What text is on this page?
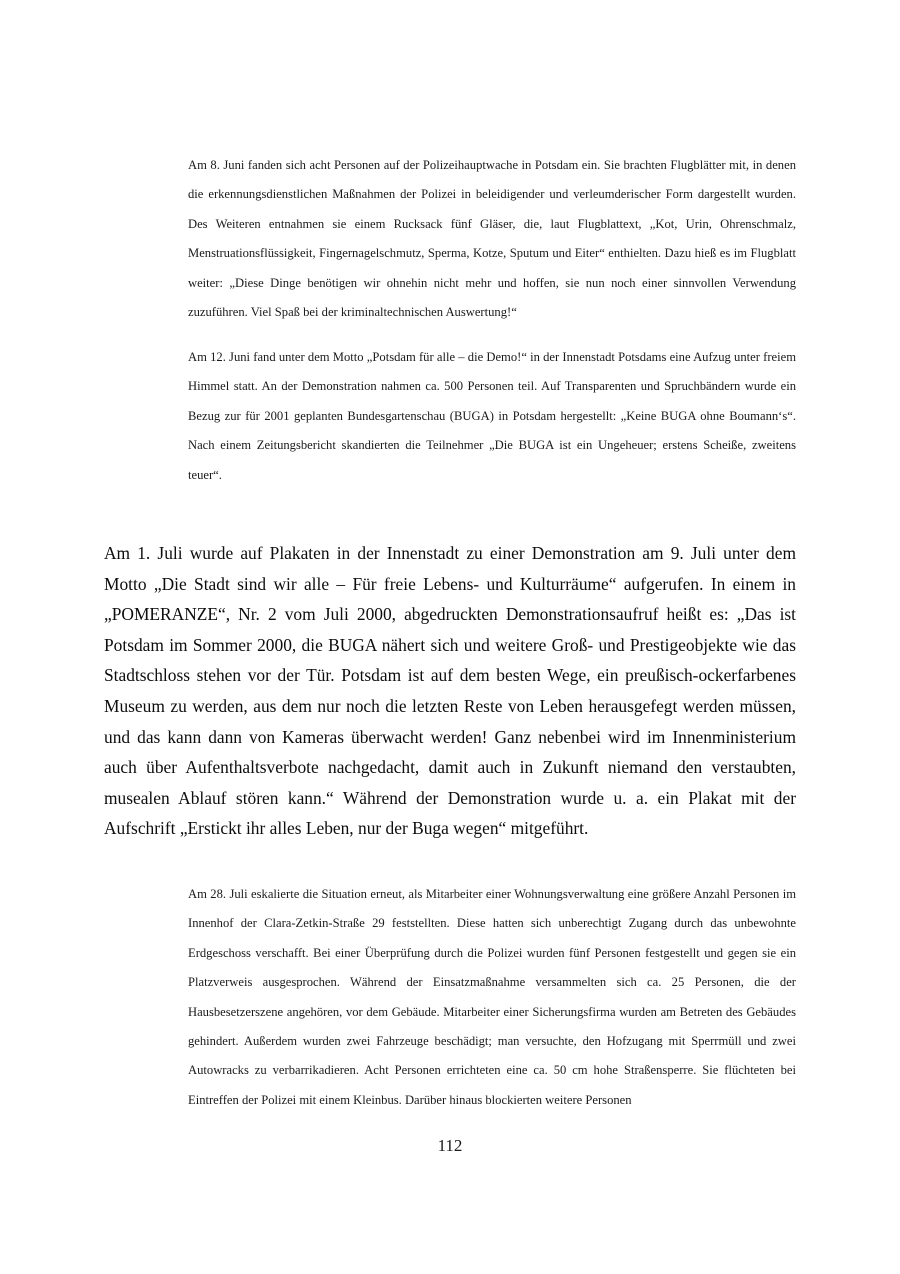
Am 8. Juni fanden sich acht Personen auf der Polizeihauptwache in Potsdam ein. Sie brachten Flugblätter mit, in denen die erkennungsdienstlichen Maßnahmen der Polizei in beleidigender und verleumderischer Form dargestellt wurden. Des Weiteren entnahmen sie einem Rucksack fünf Gläser, die, laut Flugblattext, „Kot, Urin, Ohrenschmalz, Menstruationsflüssigkeit, Fingernagelschmutz, Sperma, Kotze, Sputum und Eiter“ enthielten. Dazu hieß es im Flugblatt weiter: „Diese Dinge benötigen wir ohnehin nicht mehr und hoffen, sie nun noch einer sinnvollen Verwendung zuzuführen. Viel Spaß bei der kriminaltechnischen Auswertung!“

Am 12. Juni fand unter dem Motto „Potsdam für alle – die Demo!“ in der Innenstadt Potsdams eine Aufzug unter freiem Himmel statt. An der Demonstration nahmen ca. 500 Personen teil. Auf Transparenten und Spruchbändern wurde ein Bezug zur für 2001 geplanten Bundesgartenschau (BUGA) in Potsdam hergestellt: „Keine BUGA ohne Boumann‘s“. Nach einem Zeitungsbericht skandierten die Teilnehmer „Die BUGA ist ein Ungeheuer; erstens Scheiße, zweitens teuer“.

Am 1. Juli wurde auf Plakaten in der Innenstadt zu einer Demonstration am 9. Juli unter dem Motto „Die Stadt sind wir alle – Für freie Lebens- und Kulturräume“ aufgerufen. In einem in „POMERANZE“, Nr. 2 vom Juli 2000, abgedruckten Demonstrationsaufruf heißt es: „Das ist Potsdam im Sommer 2000, die BUGA nähert sich und weitere Groß- und Prestigeobjekte wie das Stadtschloss stehen vor der Tür. Potsdam ist auf dem besten Wege, ein preußisch-ockerfarbenes Museum zu werden, aus dem nur noch die letzten Reste von Leben herausgefegt werden müssen, und das kann dann von Kameras überwacht werden! Ganz nebenbei wird im Innenministerium auch über Aufenthaltsverbote nachgedacht, damit auch in Zukunft niemand den verstaubten, musealen Ablauf stören kann.“ Während der Demonstration wurde u. a. ein Plakat mit der Aufschrift „Erstickt ihr alles Leben, nur der Buga wegen“ mitgeführt.

Am 28. Juli eskalierte die Situation erneut, als Mitarbeiter einer Wohnungsverwaltung eine größere Anzahl Personen im Innenhof der Clara-Zetkin-Straße 29 feststellten. Diese hatten sich unberechtigt Zugang durch das unbewohnte Erdgeschoss verschafft. Bei einer Überprüfung durch die Polizei wurden fünf Personen festgestellt und gegen sie ein Platzverweis ausgesprochen. Während der Einsatzmaßnahme versammelten sich ca. 25 Personen, die der Hausbesetzerszene angehören, vor dem Gebäude. Mitarbeiter einer Sicherungsfirma wurden am Betreten des Gebäudes gehindert. Außerdem wurden zwei Fahrzeuge beschädigt; man versuchte, den Hofzugang mit Sperrmüll und zwei Autowracks zu verbarrikadieren. Acht Personen errichteten eine ca. 50 cm hohe Straßensperre. Sie flüchteten bei Eintreffen der Polizei mit einem Kleinbus. Darüber hinaus blockierten weitere Personen

112
